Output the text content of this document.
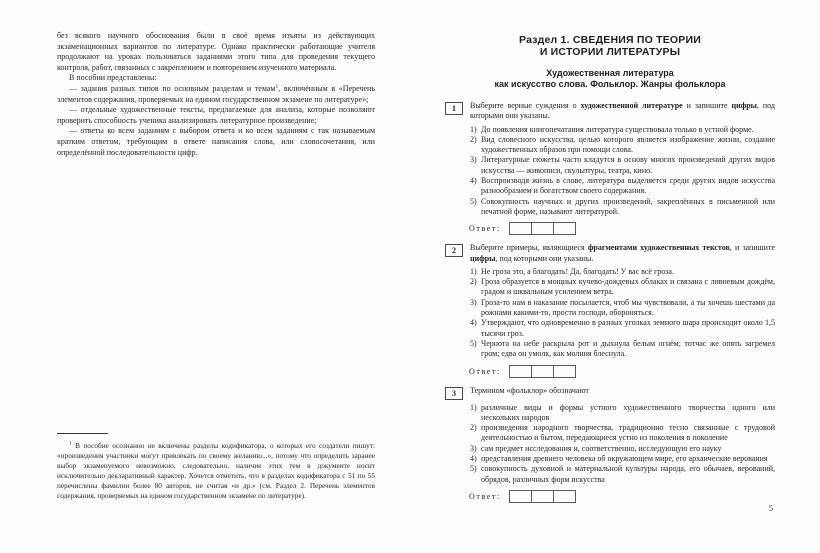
без всякого научного обоснования были в своё время изъяты из действующих экзаменационных вариантов по литературе. Однако практически работающие учителя продолжают на уроках пользоваться заданиями этого типа для проведения текущего контроля, работ, связанных с закреплением и повторением изученного материала.

В пособии представлены:

— задания разных типов по основным разделам и темам$^1$, включённым в «Перечень элементов содержания, проверяемых на едином государственном экзамене по литературе»;

— отдельные художественные тексты, предлагаемые для анализа, которые позволяют проверить способность ученика анализировать литературное произведение;

— ответы ко всем заданиям с выбором ответа и ко всем заданиям с так называемым кратким ответом, требующим в ответе написания слова, или словосочетания, или определённой последовательности цифр.

$^1$ В пособие осознанно не включены разделы кодификатора, о которых его создатели пишут: «произведения участники могут привлекать по своему желанию...», потому что определить заранее выбор экзаменуемого невозможно, следовательно, наличие этих тем в документе носит исключительно декларативный характер. Хочется отметить, что в разделах кодификатора с 51 по 55 перечислены фамилии более 80 авторов, не считая «и др.» (см. Раздел 2. Перечень элементов содержания, проверяемых на едином государственном экзамене по литературе).

Раздел 1. СВЕДЕНИЯ ПО ТЕОРИИ
И ИСТОРИИ ЛИТЕРАТУРЫ
Художественная литература
как искусство слова. Фольклор. Жанры фольклора
1	Выберите верные суждения о художественной литературе и запишите цифры, под которыми они указаны.
1) До появления книгопечатания литература существовала только в устной форме.
2) Вид словесного искусства, целью которого является изображение жизни, создание художественных образов при помощи слова.
3) Литературные сюжеты часто кладутся в основу многих произведений других видов искусства — живописи, скульптуры, театра, кино.
4) Воспроизводя жизнь в слове, литература выделяется среди других видов искусства разнообразием и богатством своего содержания.
5) Совокупность научных и других произведений, закреплённых в письменной или печатной форме, называют литературой.
Ответ:
2	Выберите примеры, являющиеся фрагментами художественных текстов, и запишите цифры, под которыми они указаны.
1) Не гроза это, а благодать! Да, благодать! У вас всё гроза.
2) Гроза образуется в мощных кучево-дождевых облаках и связана с ливневым дождём, градом и шквальным усилением ветра.
3) Гроза-то нам в наказание посылается, чтоб мы чувствовали, а ты хочешь шестами да рожнами какими-то, прости господи, обороняться.
4) Утверждают, что одновременно в разных уголках земного шара происходит около 1,5 тысячи гроз.
5) Чернота на небе раскрыла рот и дыхнула белым огнём; тотчас же опять загремел гром; едва он умолк, как молния блеснула.
Ответ:
3	Термином «фольклор» обозначают
1) различные виды и формы устного художественного творчества одного или нескольких народов
2) произведения народного творчества, традиционно тесно связанные с трудовой деятельностью и бытом, передающиеся устно из поколения в поколение
3) сам предмет исследования и, соответственно, исследующую его науку
4) представления древнего человека об окружающем мире, его архаические верования
5) совокупность духовной и материальной культуры народа, его обычаев, верований, обрядов, различных форм искусства
Ответ:
5
